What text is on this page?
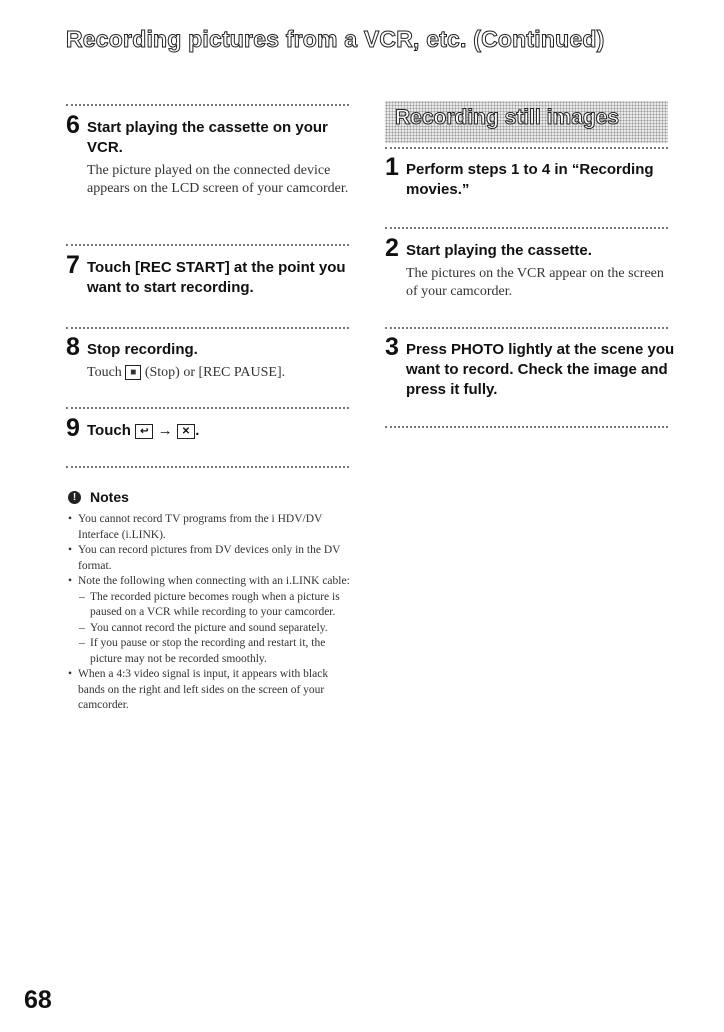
Recording pictures from a VCR, etc. (Continued)
6 Start playing the cassette on your VCR.
The picture played on the connected device appears on the LCD screen of your camcorder.
7 Touch [REC START] at the point you want to start recording.
8 Stop recording.
Touch ■ (Stop) or [REC PAUSE].
9 Touch ↩ → ✕ .
! Notes
• You cannot record TV programs from the i HDV/DV Interface (i.LINK).
• You can record pictures from DV devices only in the DV format.
• Note the following when connecting with an i.LINK cable:
– The recorded picture becomes rough when a picture is paused on a VCR while recording to your camcorder.
– You cannot record the picture and sound separately.
– If you pause or stop the recording and restart it, the picture may not be recorded smoothly.
• When a 4:3 video signal is input, it appears with black bands on the right and left sides on the screen of your camcorder.
Recording still images
1 Perform steps 1 to 4 in “Recording movies.”
2 Start playing the cassette.
The pictures on the VCR appear on the screen of your camcorder.
3 Press PHOTO lightly at the scene you want to record. Check the image and press it fully.
68
